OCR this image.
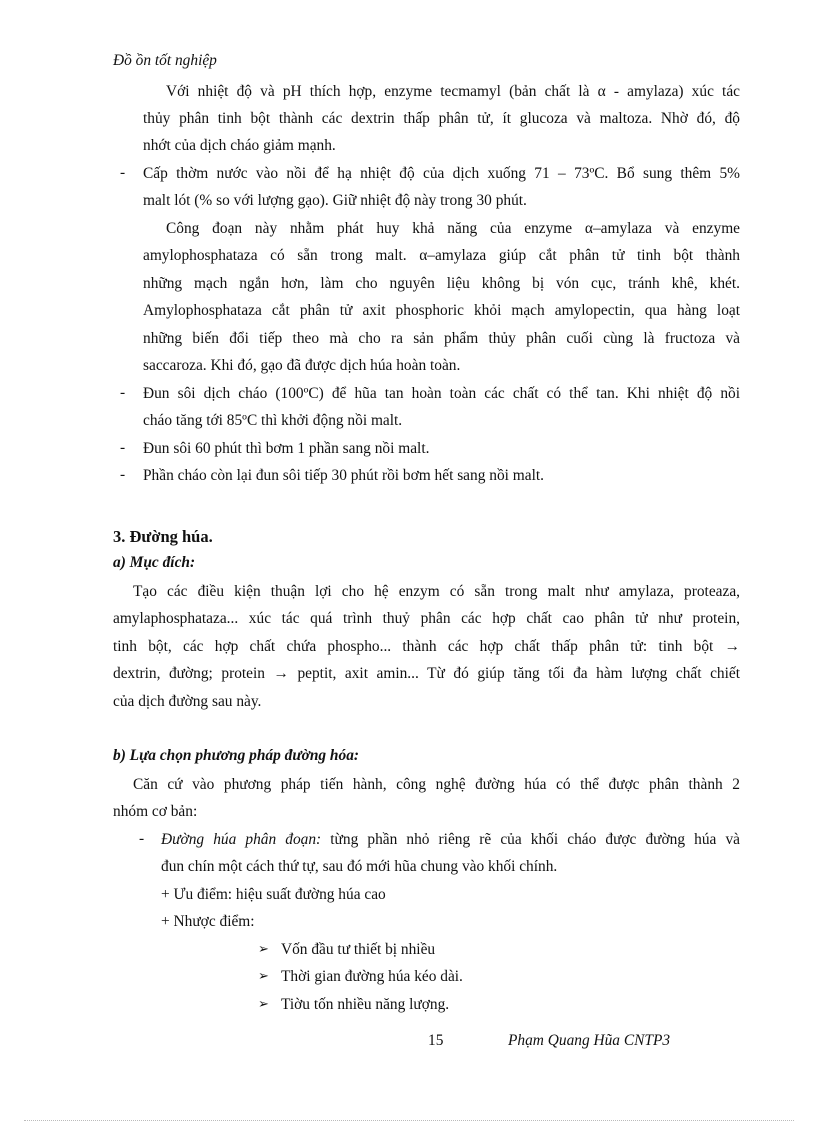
Đồ ồn tốt nghiệp
Với nhiệt độ và pH thích hợp, enzyme tecmamyl (bản chất là α - amylaza) xúc tác
thủy phân tinh bột thành các dextrin thấp phân tử, ít glucoza và maltoza. Nhờ đó, độ
nhớt của dịch cháo giảm mạnh.
- Cấp thờm nước vào nồi để hạ nhiệt độ của dịch xuống 71 – 73ºC. Bổ sung thêm 5%
malt lót (% so với lượng gạo). Giữ nhiệt độ này trong 30 phút.
Công đoạn này nhằm phát huy khả năng của enzyme α–amylaza và enzyme
amylophosphataza có sẵn trong malt. α–amylaza giúp cắt phân tử tinh bột thành
những mạch ngắn hơn, làm cho nguyên liệu không bị vón cục, tránh khê, khét.
Amylophosphataza cắt phân tử axit phosphoric khỏi mạch amylopectin, qua hàng loạt
những biến đổi tiếp theo mà cho ra sản phẩm thủy phân cuối cùng là fructoza và
saccaroza. Khi đó, gạo đã được dịch húa hoàn toàn.
- Đun sôi dịch cháo (100ºC) để hũa tan hoàn toàn các chất có thể tan. Khi nhiệt độ nồi
cháo tăng tới 85ºC thì khởi động nồi malt.
- Đun sôi 60 phút thì bơm 1 phần sang nồi malt.
- Phần cháo còn lại đun sôi tiếp 30 phút rồi bơm hết sang nồi malt.
3. Đường húa.
a) Mục đích:
Tạo các điều kiện thuận lợi cho hệ enzym có sẵn trong malt như amylaza, proteaza,
amylaphosphataza... xúc tác quá trình thuỷ phân các hợp chất cao phân tử như protein,
tinh bột, các hợp chất chứa phospho... thành các hợp chất thấp phân tử: tinh bột →
dextrin, đường; protein → peptit, axit amin... Từ đó giúp tăng tối đa hàm lượng chất chiết
của dịch đường sau này.
b) Lựa chọn phương pháp đường hóa:
Căn cứ vào phương pháp tiến hành, công nghệ đường húa có thể được phân thành 2
nhóm cơ bản:
- Đường húa phân đoạn: từng phần nhỏ riêng rẽ của khối cháo được đường húa và
đun chín một cách thứ tự, sau đó mới hũa chung vào khối chính.
+ Ưu điểm: hiệu suất đường húa cao
+ Nhược điểm:
➢ Vốn đầu tư thiết bị nhiều
➢ Thời gian đường húa kéo dài.
➢ Tiờu tốn nhiều năng lượng.
15	Phạm Quang Hũa CNTP3
